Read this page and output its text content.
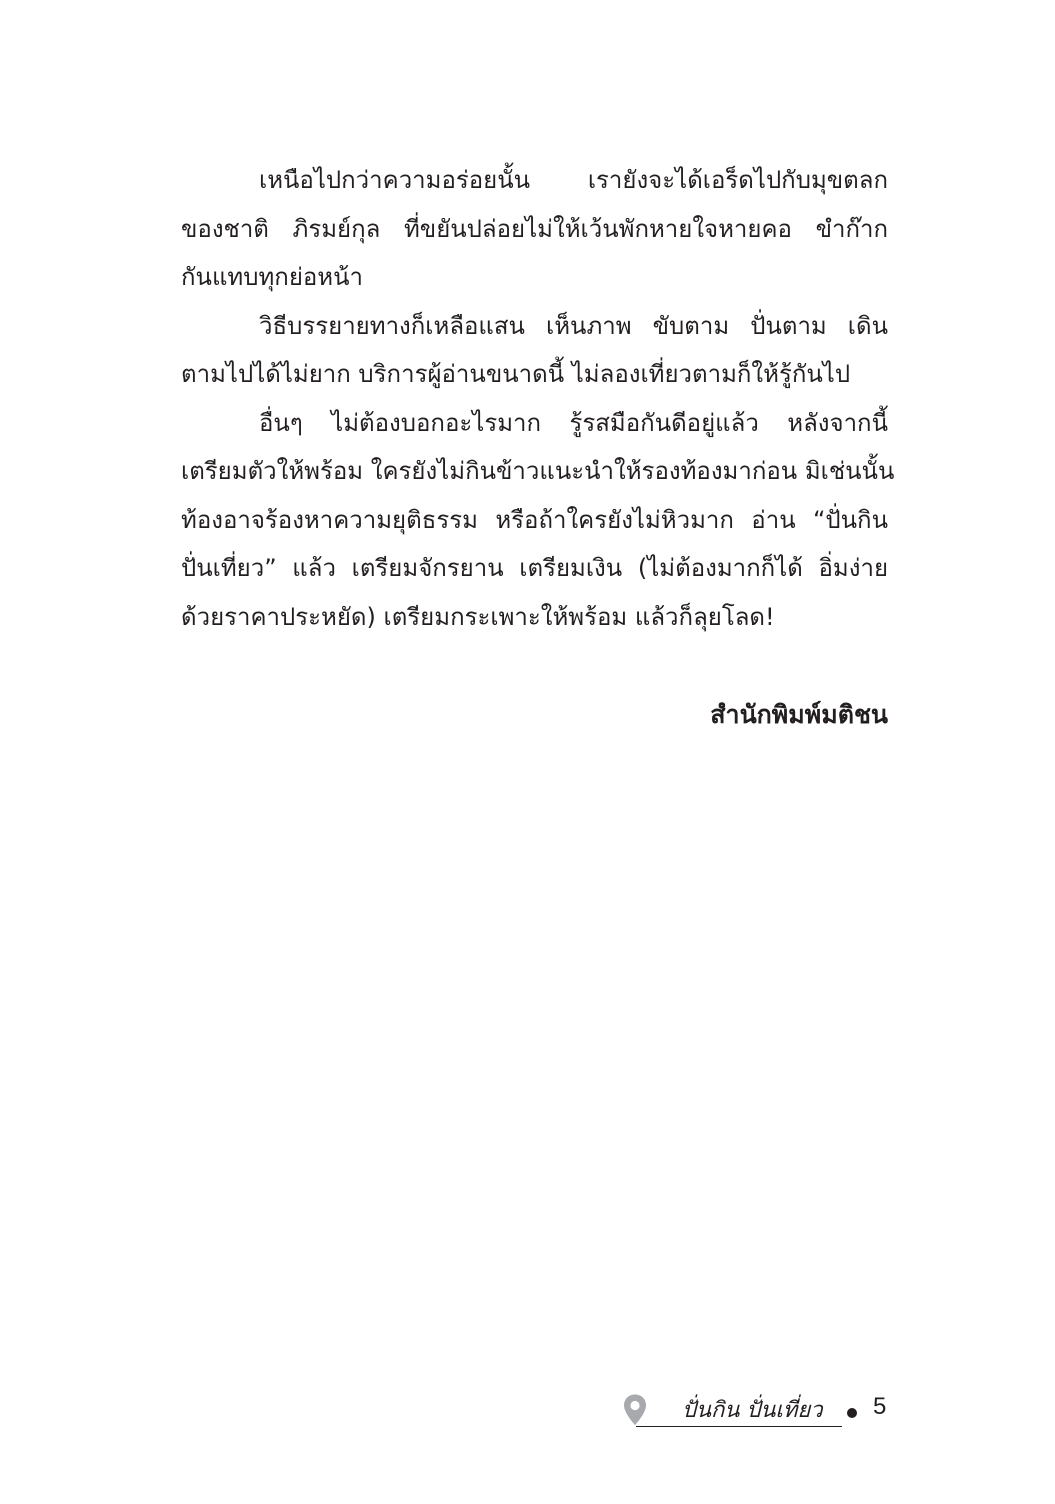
เหนือไปกว่าความอร่อยนั้น เรายังจะได้เอร็ดไปกับมุขตลก
ของชาติ ภิรมย์กุล ที่ขยันปล่อยไม่ให้เว้นพักหายใจหายคอ ขำก๊าก
กันแทบทุกย่อหน้า
วิธีบรรยายทางก็เหลือแสน เห็นภาพ ขับตาม ปั่นตาม เดิน
ตามไปได้ไม่ยาก บริการผู้อ่านขนาดนี้ ไม่ลองเที่ยวตามก็ให้รู้กันไป
อื่นๆ ไม่ต้องบอกอะไรมาก รู้รสมือกันดีอยู่แล้ว หลังจากนี้
เตรียมตัวให้พร้อม ใครยังไม่กินข้าวแนะนำให้รองท้องมาก่อน มิเช่นนั้น
ท้องอาจร้องหาความยุติธรรม หรือถ้าใครยังไม่หิวมาก อ่าน “ปั่นกิน
ปั่นเที่ยว” แล้ว เตรียมจักรยาน เตรียมเงิน (ไม่ต้องมากก็ได้ อิ่มง่าย
ด้วยราคาประหยัด) เตรียมกระเพาะให้พร้อม แล้วก็ลุยโลด!
สำนักพิมพ์มติชน
ปั่นกิน ปั่นเที่ยว 5
